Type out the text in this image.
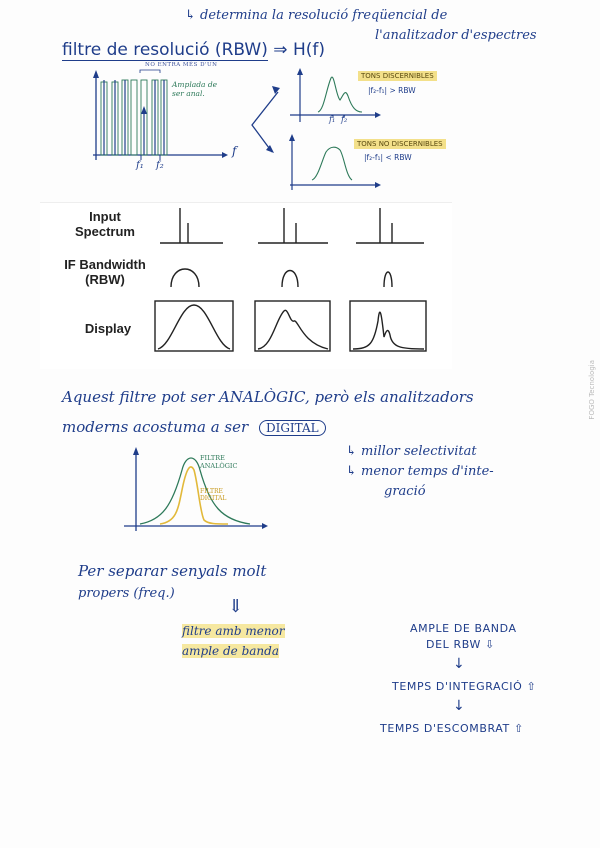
↳ determina la resolució freqüencial de
l'analitzador d'espectres
filtre de resolució (RBW) ⇒ H(f)
NO ENTRA MÉS D'UN
Amplada de ser anal.
f₁ f₂
f
f₁ f₂
TONS DISCERNIBLES
|f₂-f₁| > RBW
TONS NO DISCERNIBLES
|f₂-f₁| < RBW
Input
Spectrum
IF Bandwidth
(RBW)
Display
Aquest filtre pot ser ANALÒGIC, però els analitzadors
moderns acostuma a ser DIGITAL
↳ millor selectivitat
↳ menor temps d'inte-
gració
FILTRE ANALÒGIC
FILTRE DIGITAL
Per separar senyals molt
propers (freq.)
⇓
filtre amb menor
ample de banda
AMPLE DE BANDA
DEL RBW ⇩
↓
TEMPS D'INTEGRACIÓ ⇧
↓
TEMPS D'ESCOMBRAT ⇧
FOGO Tecnologia
